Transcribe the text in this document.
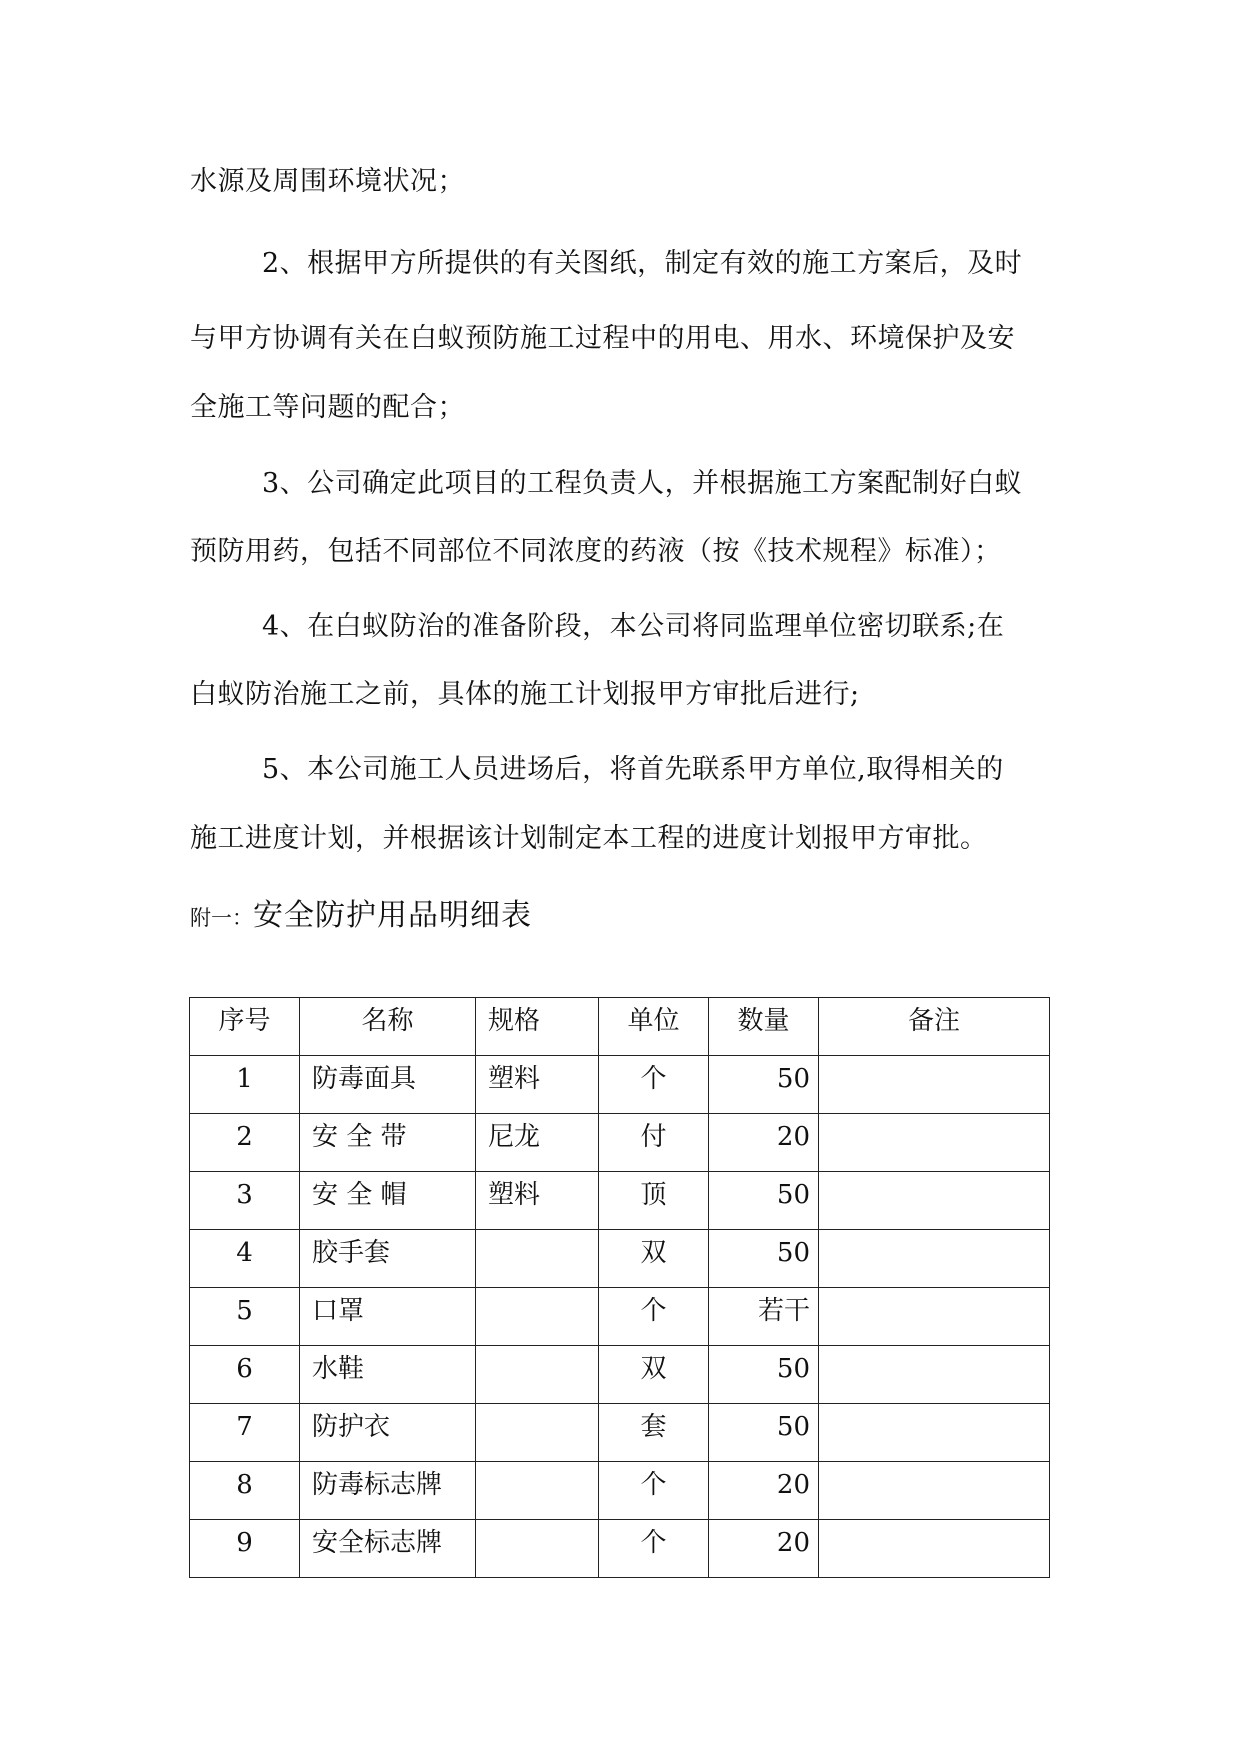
水源及周围环境状况；
2、根据甲方所提供的有关图纸，制定有效的施工方案后，及时
与甲方协调有关在白蚁预防施工过程中的用电、用水、环境保护及安
全施工等问题的配合；
3、公司确定此项目的工程负责人，并根据施工方案配制好白蚁
预防用药，包括不同部位不同浓度的药液（按《技术规程》标准）；
4、在白蚁防治的准备阶段，本公司将同监理单位密切联系;在
白蚁防治施工之前，具体的施工计划报甲方审批后进行;
5、本公司施工人员进场后，将首先联系甲方单位,取得相关的
施工进度计划，并根据该计划制定本工程的进度计划报甲方审批。
附一：安全防护用品明细表
序号	名称	规格	单位	数量	备注

1	防毒面具	塑料	个	50	

2	安 全 带	尼龙	付	20	

3	安 全 帽	塑料	顶	50	

4	胶手套		双	50	

5	口罩		个	若干	

6	水鞋		双	50	

7	防护衣		套	50	

8	防毒标志牌		个	20	

9	安全标志牌		个	20	
